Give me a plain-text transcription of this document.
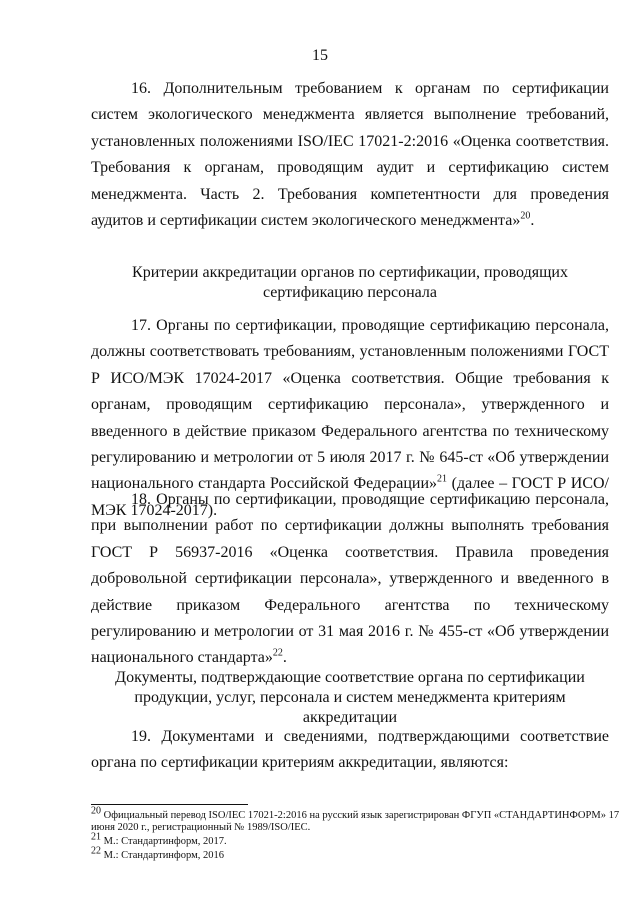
15

16. Дополнительным требованием к органам по сертификации систем экологического менеджмента является выполнение требований, установленных положениями ISO/IEC 17021-2:2016 «Оценка соответствия. Требования к органам, проводящим аудит и сертификацию систем менеджмента. Часть 2. Требования компетентности для проведения аудитов и сертификации систем экологического менеджмента»$^{20}$.

Критерии аккредитации органов по сертификации, проводящих сертификацию персонала

17. Органы по сертификации, проводящие сертификацию персонала, должны соответствовать требованиям, установленным положениями ГОСТ Р ИСО/МЭК 17024-2017 «Оценка соответствия. Общие требования к органам, проводящим сертификацию персонала», утвержденного и введенного в действие приказом Федерального агентства по техническому регулированию и метрологии от 5 июля 2017 г. № 645-ст «Об утверждении национального стандарта Российской Федерации»$^{21}$ (далее – ГОСТ Р ИСО/МЭК 17024-2017).

18. Органы по сертификации, проводящие сертификацию персонала, при выполнении работ по сертификации должны выполнять требования ГОСТ Р 56937-2016 «Оценка соответствия. Правила проведения добровольной сертификации персонала», утвержденного и введенного в действие приказом Федерального агентства по техническому регулированию и метрологии от 31 мая 2016 г. № 455-ст «Об утверждении национального стандарта»$^{22}$.

Документы, подтверждающие соответствие органа по сертификации продукции, услуг, персонала и систем менеджмента критериям аккредитации

19. Документами и сведениями, подтверждающими соответствие органа по сертификации критериям аккредитации, являются:

$^{20}$ Официальный перевод ISO/IEC 17021-2:2016 на русский язык зарегистрирован ФГУП «СТАНДАРТИНФОРМ» 17 июня 2020 г., регистрационный № 1989/ISO/IEC.

$^{21}$ М.: Стандартинформ, 2017.

$^{22}$ М.: Стандартинформ, 2016
